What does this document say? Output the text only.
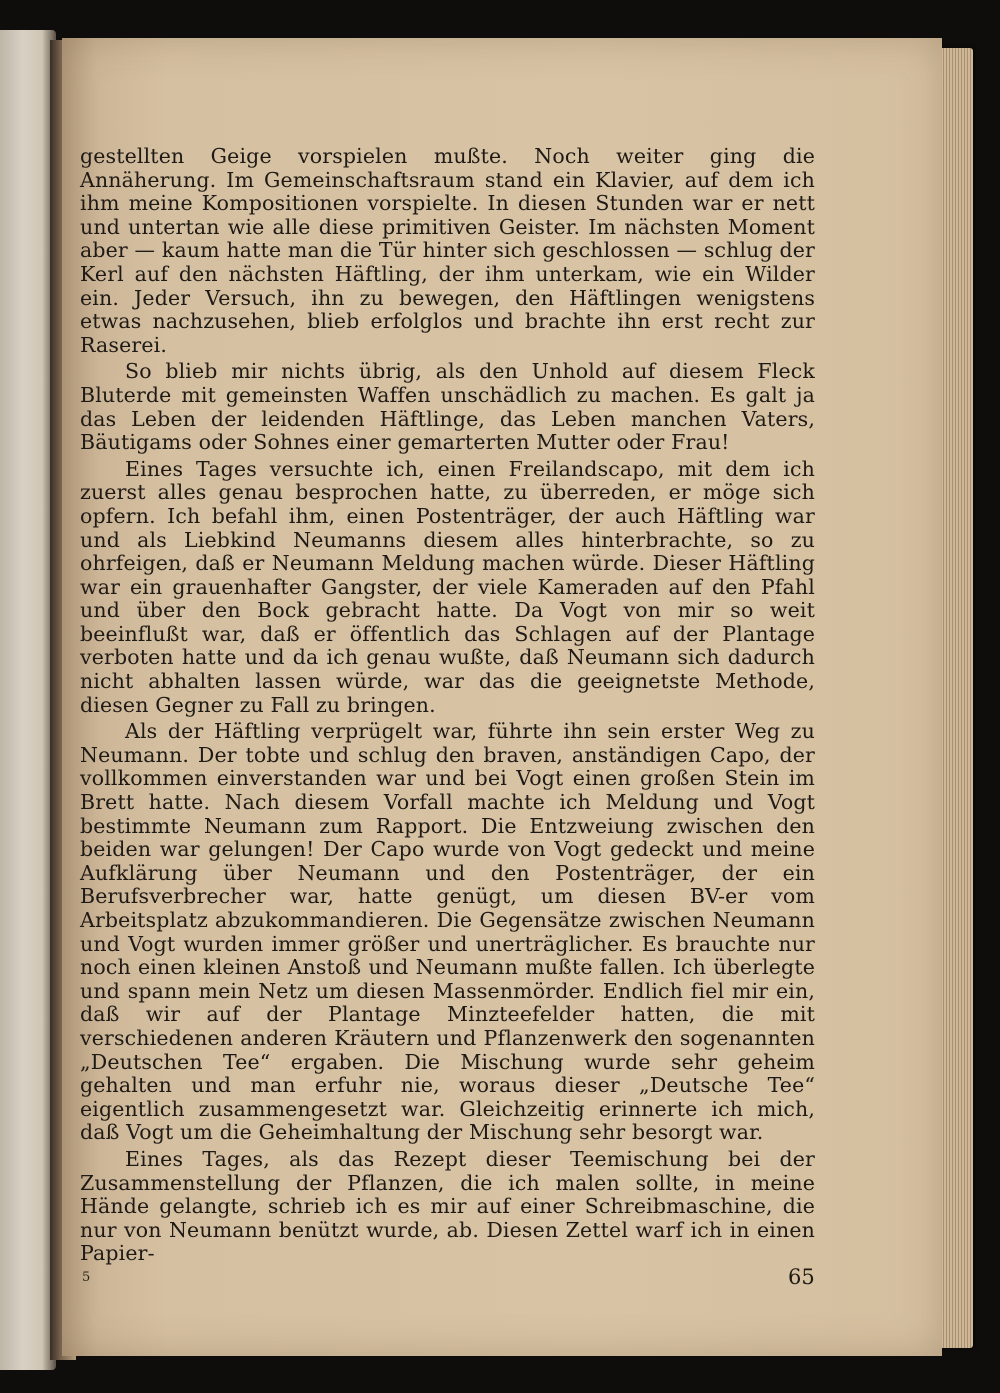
gestellten Geige vorspielen mußte. Noch weiter ging die Annäherung. Im Gemeinschaftsraum stand ein Klavier, auf dem ich ihm meine Kompositionen vorspielte. In diesen Stunden war er nett und untertan wie alle diese primitiven Geister. Im nächsten Moment aber — kaum hatte man die Tür hinter sich geschlossen — schlug der Kerl auf den nächsten Häftling, der ihm unterkam, wie ein Wilder ein. Jeder Versuch, ihn zu bewegen, den Häftlingen wenigstens etwas nachzusehen, blieb erfolglos und brachte ihn erst recht zur Raserei.

So blieb mir nichts übrig, als den Unhold auf diesem Fleck Bluterde mit gemeinsten Waffen unschädlich zu machen. Es galt ja das Leben der leidenden Häftlinge, das Leben manchen Vaters, Bäutigams oder Sohnes einer gemarterten Mutter oder Frau!

Eines Tages versuchte ich, einen Freilandscapo, mit dem ich zuerst alles genau besprochen hatte, zu überreden, er möge sich opfern. Ich befahl ihm, einen Postenträger, der auch Häftling war und als Liebkind Neumanns diesem alles hinterbrachte, so zu ohrfeigen, daß er Neumann Meldung machen würde. Dieser Häftling war ein grauenhafter Gangster, der viele Kameraden auf den Pfahl und über den Bock gebracht hatte. Da Vogt von mir so weit beeinflußt war, daß er öffentlich das Schlagen auf der Plantage verboten hatte und da ich genau wußte, daß Neumann sich dadurch nicht abhalten lassen würde, war das die geeignetste Methode, diesen Gegner zu Fall zu bringen.

Als der Häftling verprügelt war, führte ihn sein erster Weg zu Neumann. Der tobte und schlug den braven, anständigen Capo, der vollkommen einverstanden war und bei Vogt einen großen Stein im Brett hatte. Nach diesem Vorfall machte ich Meldung und Vogt bestimmte Neumann zum Rapport. Die Entzweiung zwischen den beiden war gelungen! Der Capo wurde von Vogt gedeckt und meine Aufklärung über Neumann und den Postenträger, der ein Berufsverbrecher war, hatte genügt, um diesen BV-er vom Arbeitsplatz abzukommandieren. Die Gegensätze zwischen Neumann und Vogt wurden immer größer und unerträglicher. Es brauchte nur noch einen kleinen Anstoß und Neumann mußte fallen. Ich überlegte und spann mein Netz um diesen Massenmörder. Endlich fiel mir ein, daß wir auf der Plantage Minzteefelder hatten, die mit verschiedenen anderen Kräutern und Pflanzenwerk den sogenannten „Deutschen Tee“ ergaben. Die Mischung wurde sehr geheim gehalten und man erfuhr nie, woraus dieser „Deutsche Tee“ eigentlich zusammengesetzt war. Gleichzeitig erinnerte ich mich, daß Vogt um die Geheimhaltung der Mischung sehr besorgt war.

Eines Tages, als das Rezept dieser Teemischung bei der Zusammenstellung der Pflanzen, die ich malen sollte, in meine Hände gelangte, schrieb ich es mir auf einer Schreibmaschine, die nur von Neumann benützt wurde, ab. Diesen Zettel warf ich in einen Papier-

5	65
